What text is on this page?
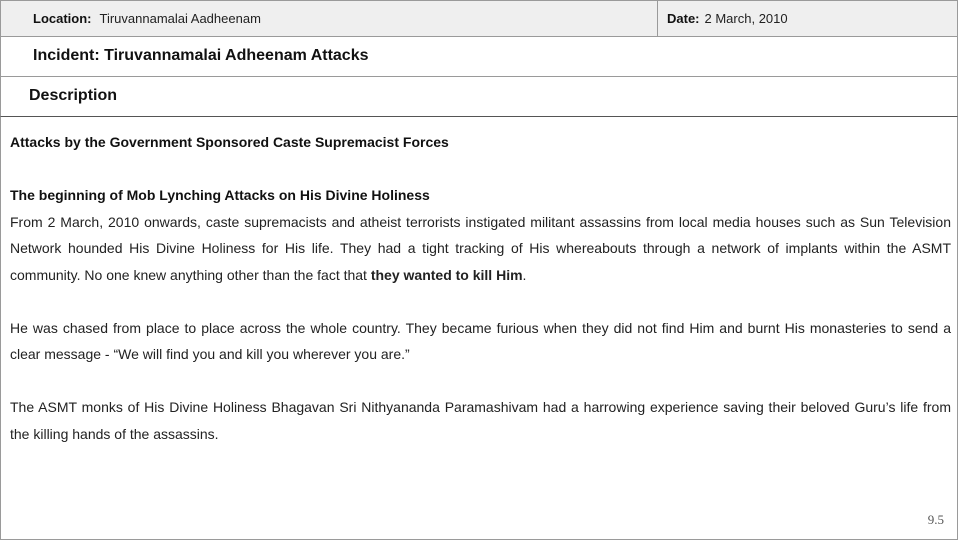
Location: Tiruvannamalai Aadheenam	Date: 2 March, 2010
Incident: Tiruvannamalai Adheenam Attacks
Description

Attacks by the Government Sponsored Caste Supremacist Forces

The beginning of Mob Lynching Attacks on His Divine Holiness

From 2 March, 2010 onwards, caste supremacists and atheist terrorists instigated militant assassins from local media houses such as Sun Television Network hounded His Divine Holiness for His life. They had a tight tracking of His whereabouts through a network of implants within the ASMT community. No one knew anything other than the fact that they wanted to kill Him.

He was chased from place to place across the whole country. They became furious when they did not find Him and burnt His monasteries to send a clear message - “We will find you and kill you wherever you are.”

The ASMT monks of His Divine Holiness Bhagavan Sri Nithyananda Paramashivam had a harrowing experience saving their beloved Guru’s life from the killing hands of the assassins.

9.5
